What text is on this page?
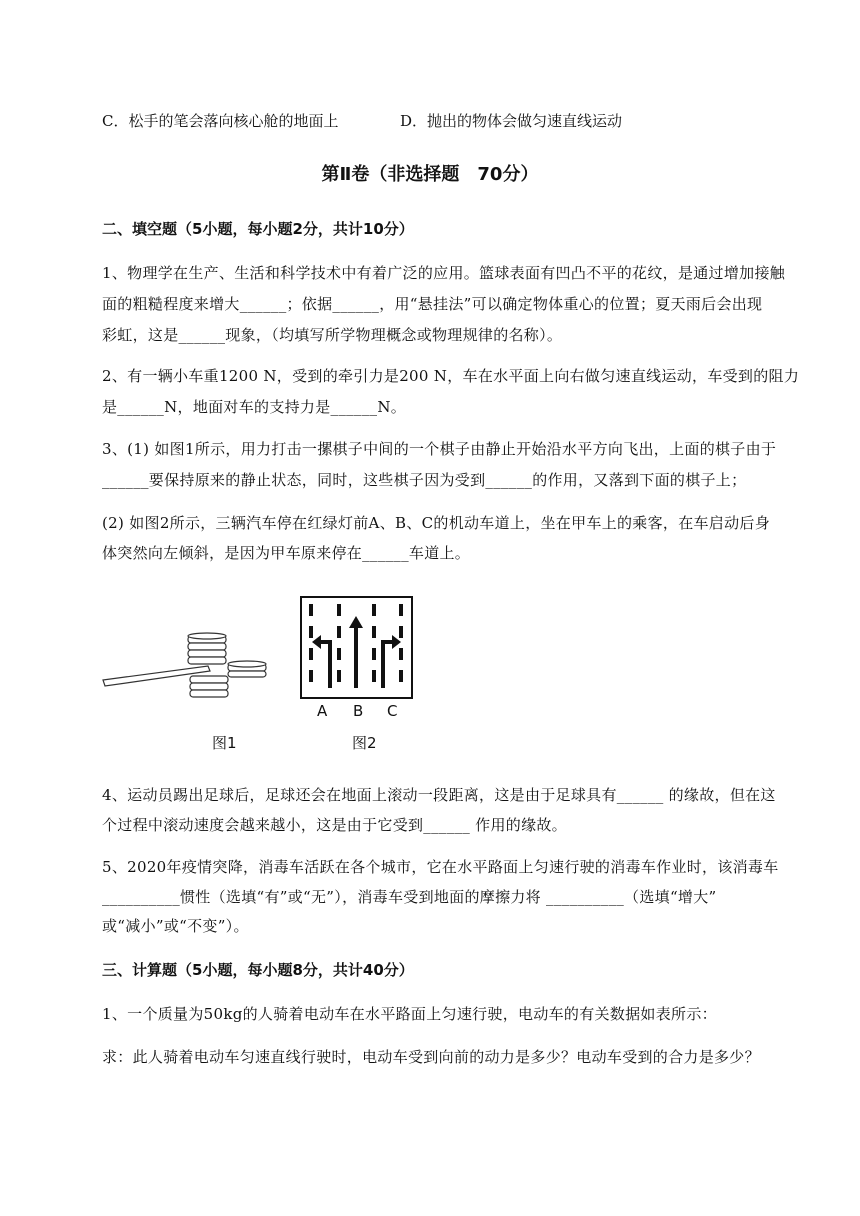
C．松手的笔会落向核心舱的地面上	D．抛出的物体会做匀速直线运动
第Ⅱ卷（非选择题　70分）
二、填空题（5小题，每小题2分，共计10分）
1、物理学在生产、生活和科学技术中有着广泛的应用。篮球表面有凹凸不平的花纹，是通过增加接触
面的粗糙程度来增大______；依据______，用“悬挂法”可以确定物体重心的位置；夏天雨后会出现
彩虹，这是______现象，（均填写所学物理概念或物理规律的名称）。
2、有一辆小车重1200 N，受到的牵引力是200 N，车在水平面上向右做匀速直线运动，车受到的阻力
是______N，地面对车的支持力是______N。
3、(1) 如图1所示，用力打击一摞棋子中间的一个棋子由静止开始沿水平方向飞出，上面的棋子由于
______要保持原来的静止状态，同时，这些棋子因为受到______的作用，又落到下面的棋子上；
(2) 如图2所示，三辆汽车停在红绿灯前A、B、C的机动车道上，坐在甲车上的乘客，在车启动后身
体突然向左倾斜，是因为甲车原来停在______车道上。
图1
A B C
图2
4、运动员踢出足球后，足球还会在地面上滚动一段距离，这是由于足球具有______ 的缘故，但在这
个过程中滚动速度会越来越小，这是由于它受到______ 作用的缘故。
5、2020年疫情突降，消毒车活跃在各个城市，它在水平路面上匀速行驶的消毒车作业时，该消毒车
__________惯性（选填“有”或“无”），消毒车受到地面的摩擦力将 __________（选填“增大”
或“减小”或“不变”）。
三、计算题（5小题，每小题8分，共计40分）
1、一个质量为50kg的人骑着电动车在水平路面上匀速行驶，电动车的有关数据如表所示：
求：此人骑着电动车匀速直线行驶时，电动车受到向前的动力是多少？电动车受到的合力是多少？
